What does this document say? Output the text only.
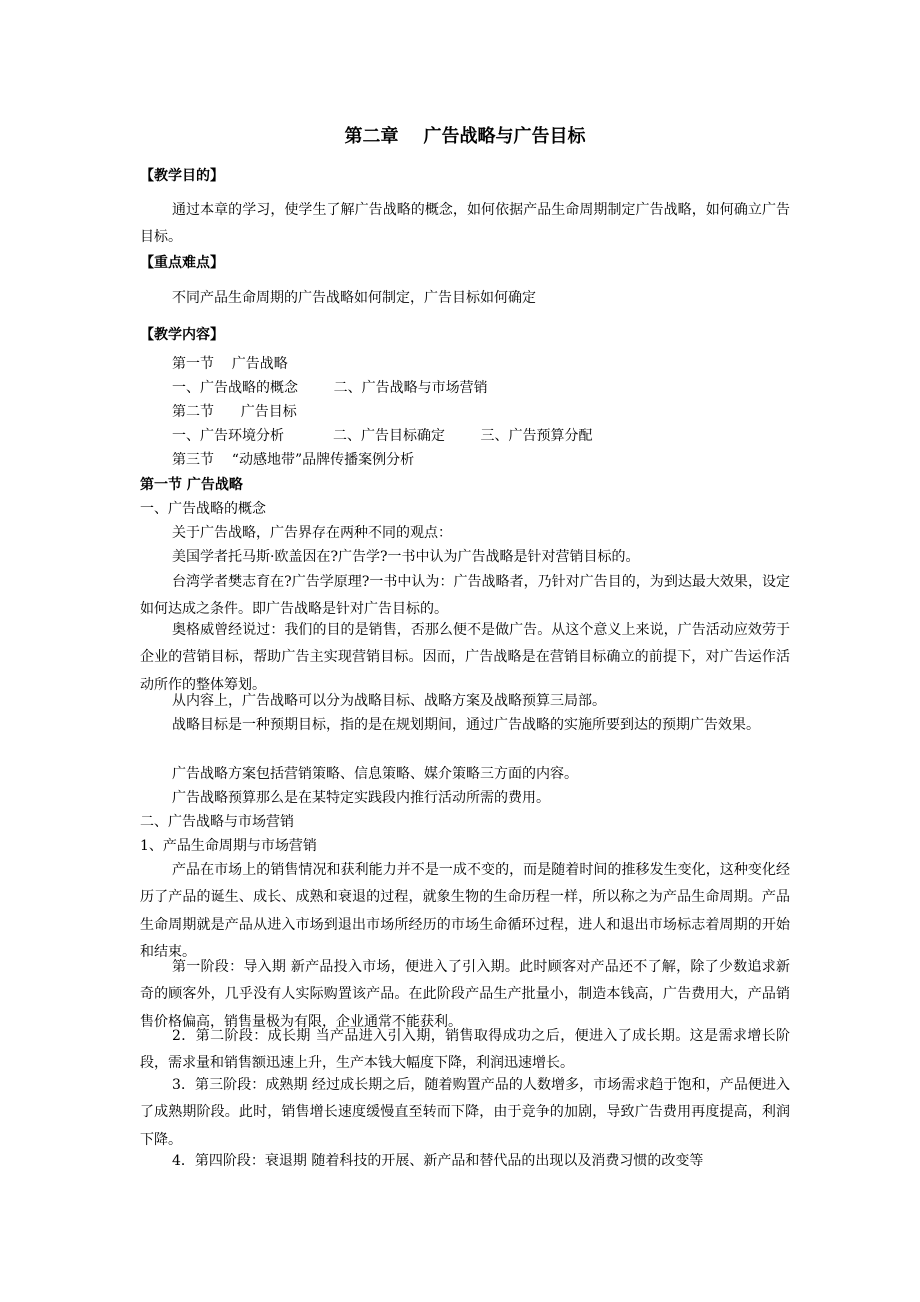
第二章    广告战略与广告目标
【教学目的】
通过本章的学习，使学生了解广告战略的概念，如何依据产品生命周期制定广告战略，如何确立广告目标。
【重点难点】
不同产品生命周期的广告战略如何制定，广告目标如何确定
【教学内容】
第一节    广告战略
一、广告战略的概念        二、广告战略与市场营销
第二节      广告目标
一、广告环境分析           二、广告目标确定        三、广告预算分配
第三节    “动感地带”品牌传播案例分析
第一节 广告战略
一、广告战略的概念
关于广告战略，广告界存在两种不同的观点：
美国学者托马斯·欧盖因在?广告学?一书中认为广告战略是针对营销目标的。
台湾学者樊志育在?广告学原理?一书中认为：广告战略者，乃针对广告目的，为到达最大效果，设定如何达成之条件。即广告战略是针对广告目标的。
奥格威曾经说过：我们的目的是销售，否那么便不是做广告。从这个意义上来说，广告活动应效劳于企业的营销目标，帮助广告主实现营销目标。因而，广告战略是在营销目标确立的前提下，对广告运作活动所作的整体筹划。
从内容上，广告战略可以分为战略目标、战略方案及战略预算三局部。
战略目标是一种预期目标，指的是在规划期间，通过广告战略的实施所要到达的预期广告效果。
广告战略方案包括营销策略、信息策略、媒介策略三方面的内容。
广告战略预算那么是在某特定实践段内推行活动所需的费用。
二、广告战略与市场营销
1、产品生命周期与市场营销
产品在市场上的销售情况和获利能力并不是一成不变的，而是随着时间的推移发生变化，这种变化经历了产品的诞生、成长、成熟和衰退的过程，就象生物的生命历程一样，所以称之为产品生命周期。产品生命周期就是产品从进入市场到退出市场所经历的市场生命循环过程，进人和退出市场标志着周期的开始和结束。
第一阶段：导入期 新产品投入市场，便进入了引入期。此时顾客对产品还不了解，除了少数追求新奇的顾客外，几乎没有人实际购置该产品。在此阶段产品生产批量小，制造本钱高，广告费用大，产品销售价格偏高，销售量极为有限，企业通常不能获利。
2．第二阶段：成长期 当产品进入引入期，销售取得成功之后，便进入了成长期。这是需求增长阶段，需求量和销售额迅速上升，生产本钱大幅度下降，利润迅速增长。
3．第三阶段：成熟期 经过成长期之后，随着购置产品的人数增多，市场需求趋于饱和，产品便进入了成熟期阶段。此时，销售增长速度缓慢直至转而下降，由于竞争的加剧，导致广告费用再度提高，利润下降。
4．第四阶段：衰退期 随着科技的开展、新产品和替代品的出现以及消费习惯的改变等
